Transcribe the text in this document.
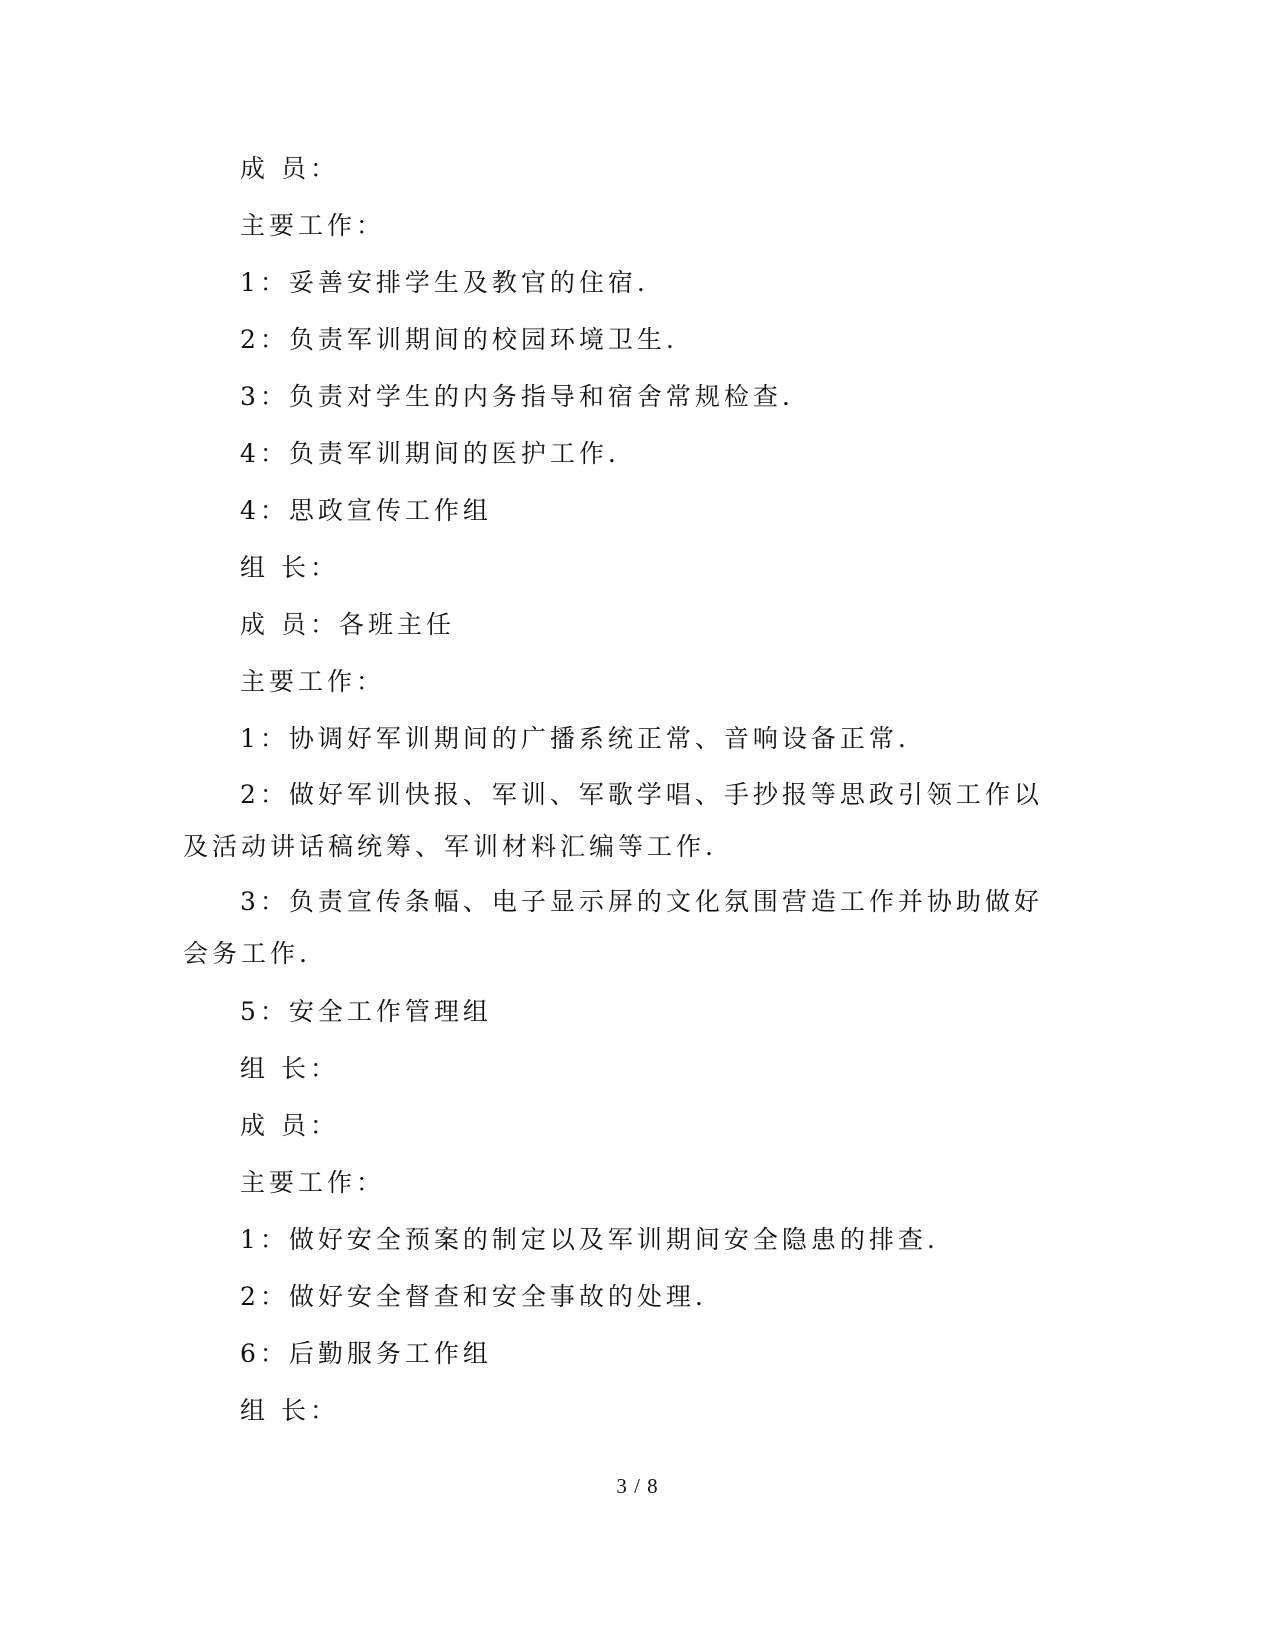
成 员：

主要工作：

1：妥善安排学生及教官的住宿.

2：负责军训期间的校园环境卫生.

3：负责对学生的内务指导和宿舍常规检查.

4：负责军训期间的医护工作.

4：思政宣传工作组

组 长：

成 员：各班主任

主要工作：

1：协调好军训期间的广播系统正常、音响设备正常.

2：做好军训快报、军训、军歌学唱、手抄报等思政引领工作以及活动讲话稿统筹、军训材料汇编等工作.

3：负责宣传条幅、电子显示屏的文化氛围营造工作并协助做好会务工作.

5：安全工作管理组

组 长：

成 员：

主要工作：

1：做好安全预案的制定以及军训期间安全隐患的排查.

2：做好安全督查和安全事故的处理.

6：后勤服务工作组

组 长：

3 / 8
